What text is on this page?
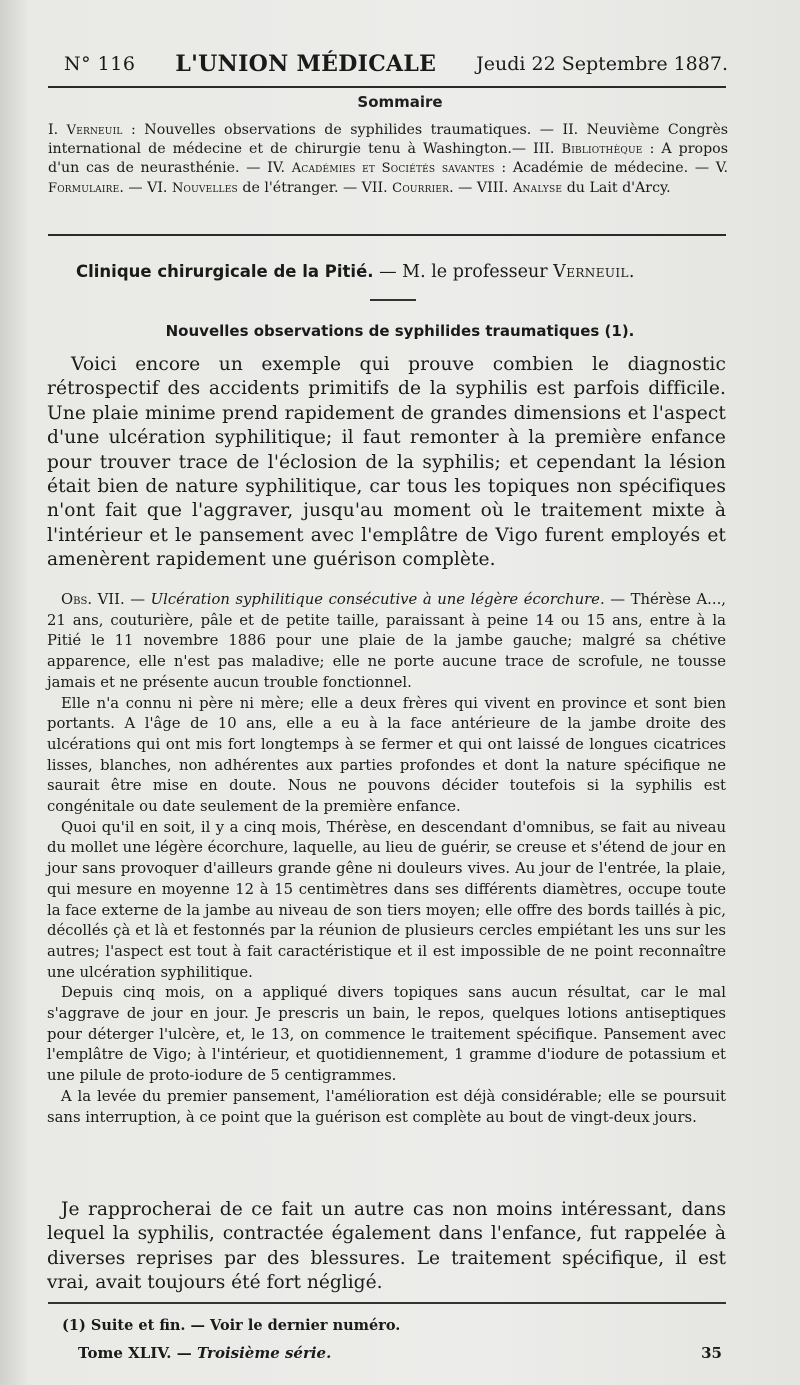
N° 116 L'UNION MÉDICALE Jeudi 22 Septembre 1887.
Sommaire
I. Verneuil : Nouvelles observations de syphilides traumatiques. — II. Neuvième Congrès international de médecine et de chirurgie tenu à Washington.— III. Bibliothèque : A propos d'un cas de neurasthénie. — IV. Académies et Sociétés savantes : Académie de médecine. — V. Formulaire. — VI. Nouvelles de l'étranger. — VII. Courrier. — VIII. Analyse du Lait d'Arcy.
Clinique chirurgicale de la Pitié. — M. le professeur Verneuil.
Nouvelles observations de syphilides traumatiques (1).
Voici encore un exemple qui prouve combien le diagnostic rétrospectif des accidents primitifs de la syphilis est parfois difficile. Une plaie minime prend rapidement de grandes dimensions et l'aspect d'une ulcération syphilitique; il faut remonter à la première enfance pour trouver trace de l'éclosion de la syphilis; et cependant la lésion était bien de nature syphilitique, car tous les topiques non spécifiques n'ont fait que l'aggraver, jusqu'au moment où le traitement mixte à l'intérieur et le pansement avec l'emplâtre de Vigo furent employés et amenèrent rapidement une guérison complète.

Obs. VII. — Ulcération syphilitique consécutive à une légère écorchure. — Thérèse A..., 21 ans, couturière, pâle et de petite taille, paraissant à peine 14 ou 15 ans, entre à la Pitié le 11 novembre 1886 pour une plaie de la jambe gauche; malgré sa chétive apparence, elle n'est pas maladive; elle ne porte aucune trace de scrofule, ne tousse jamais et ne présente aucun trouble fonctionnel.

Elle n'a connu ni père ni mère; elle a deux frères qui vivent en province et sont bien portants. A l'âge de 10 ans, elle a eu à la face antérieure de la jambe droite des ulcérations qui ont mis fort longtemps à se fermer et qui ont laissé de longues cicatrices lisses, blanches, non adhérentes aux parties profondes et dont la nature spécifique ne saurait être mise en doute. Nous ne pouvons décider toutefois si la syphilis est congénitale ou date seulement de la première enfance.

Quoi qu'il en soit, il y a cinq mois, Thérèse, en descendant d'omnibus, se fait au niveau du mollet une légère écorchure, laquelle, au lieu de guérir, se creuse et s'étend de jour en jour sans provoquer d'ailleurs grande gêne ni douleurs vives. Au jour de l'entrée, la plaie, qui mesure en moyenne 12 à 15 centimètres dans ses différents diamètres, occupe toute la face externe de la jambe au niveau de son tiers moyen; elle offre des bords taillés à pic, décollés çà et là et festonnés par la réunion de plusieurs cercles empiétant les uns sur les autres; l'aspect est tout à fait caractéristique et il est impossible de ne point reconnaître une ulcération syphilitique.

Depuis cinq mois, on a appliqué divers topiques sans aucun résultat, car le mal s'aggrave de jour en jour. Je prescris un bain, le repos, quelques lotions antiseptiques pour déterger l'ulcère, et, le 13, on commence le traitement spécifique. Pansement avec l'emplâtre de Vigo; à l'intérieur, et quotidiennement, 1 gramme d'iodure de potassium et une pilule de proto-iodure de 5 centigrammes.

A la levée du premier pansement, l'amélioration est déjà considérable; elle se poursuit sans interruption, à ce point que la guérison est complète au bout de vingt-deux jours.

Je rapprocherai de ce fait un autre cas non moins intéressant, dans lequel la syphilis, contractée également dans l'enfance, fut rappelée à diverses reprises par des blessures. Le traitement spécifique, il est vrai, avait toujours été fort négligé.
(1) Suite et fin. — Voir le dernier numéro.
Tome XLIV. — Troisième série.	35
